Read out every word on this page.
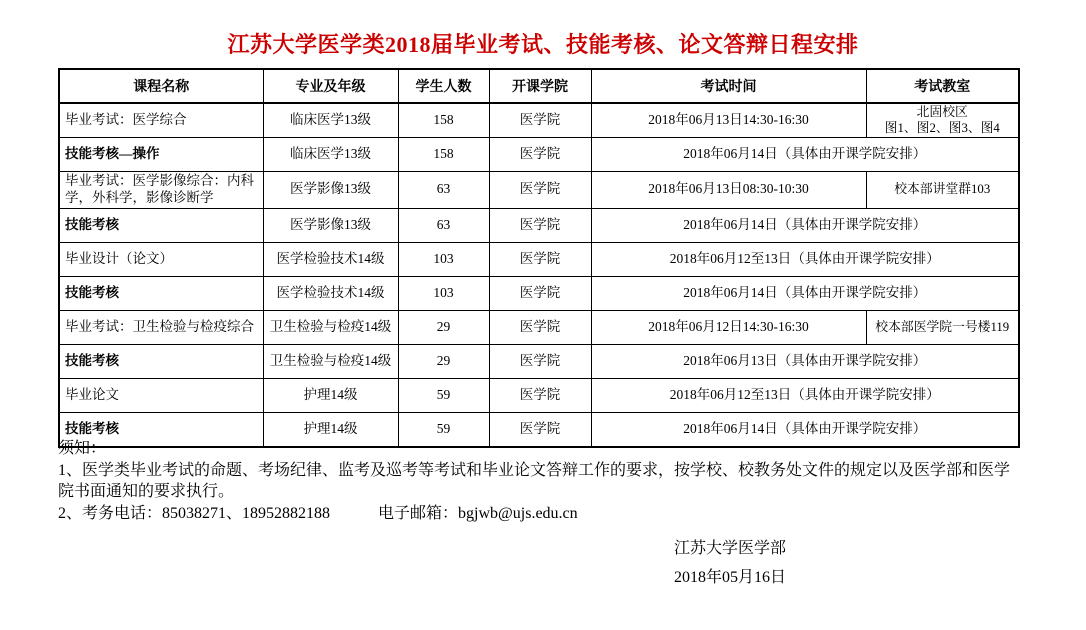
江苏大学医学类2018届毕业考试、技能考核、论文答辩日程安排
课程名称	专业及年级	学生人数	开课学院	考试时间	考试教室
毕业考试：医学综合	临床医学13级	158	医学院	2018年06月13日14:30-16:30	北固校区
图1、图2、图3、图4

技能考核—操作	临床医学13级	158	医学院	2018年06月14日（具体由开课学院安排）	
毕业考试：医学影像综合：内科学，外科学，影像诊断学	医学影像13级	63	医学院	2018年06月13日08:30-10:30	校本部讲堂群103

技能考核	医学影像13级	63	医学院	2018年06月14日（具体由开课学院安排）	
毕业设计（论文）	医学检验技术14级	103	医学院	2018年06月12至13日（具体由开课学院安排）	
技能考核	医学检验技术14级	103	医学院	2018年06月14日（具体由开课学院安排）	
毕业考试：卫生检验与检疫综合	卫生检验与检疫14级	29	医学院	2018年06月12日14:30-16:30	校本部医学院一号楼119

技能考核	卫生检验与检疫14级	29	医学院	2018年06月13日（具体由开课学院安排）	
毕业论文	护理14级	59	医学院	2018年06月12至13日（具体由开课学院安排）	
技能考核	护理14级	59	医学院	2018年06月14日（具体由开课学院安排）	

须知：

1、医学类毕业考试的命题、考场纪律、监考及巡考等考试和毕业论文答辩工作的要求，按学校、校教务处文件的规定以及医学部和医学院书面通知的要求执行。

2、考务电话：85038271、18952882188	电子邮箱：bgjwb@ujs.edu.cn

江苏大学医学部
2018年05月16日
